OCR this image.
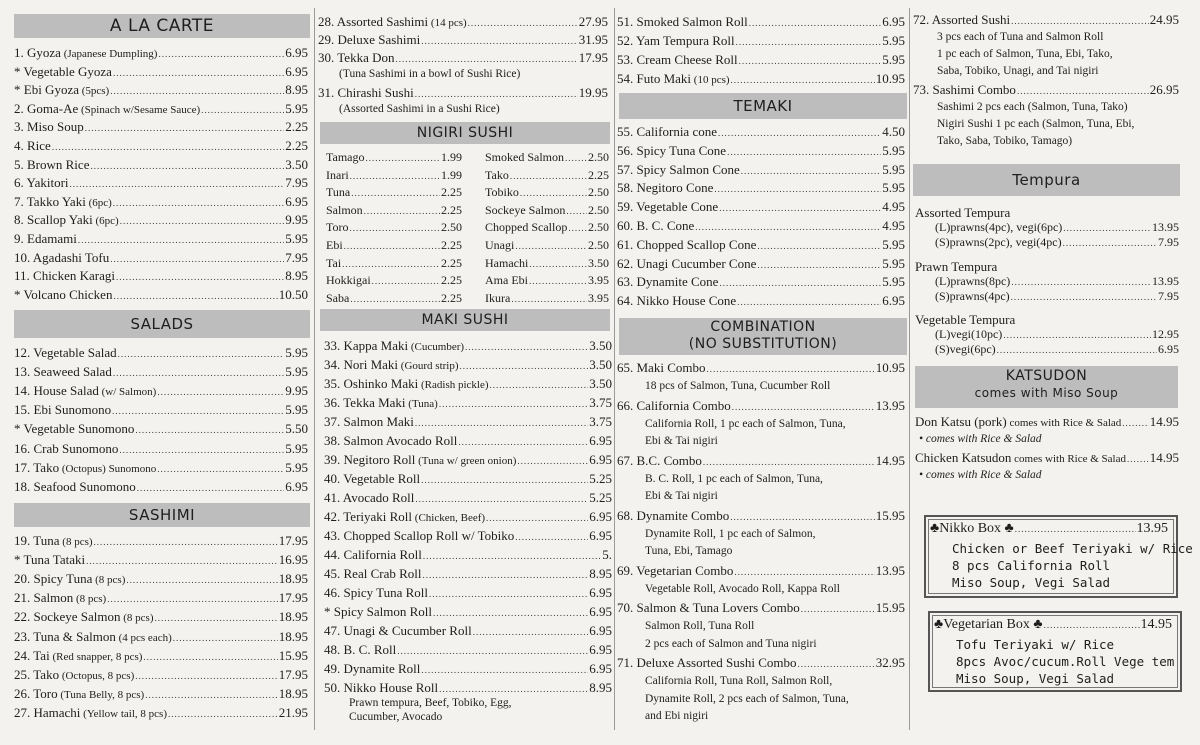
A LA CARTE
1. Gyoza (Japanese Dumpling) .....	6.95
* Vegetable Gyoza .....	6.95
* Ebi Gyoza (5pcs) .....	8.95
2. Goma-Ae (Spinach w/Sesame Sauce) .....	5.95
3. Miso Soup .....	2.25
4. Rice .....	2.25
5. Brown Rice .....	3.50
6. Yakitori .....	7.95
7. Takko Yaki (6pc) .....	6.95
8. Scallop Yaki (6pc) .....	9.95
9. Edamami .....	5.95
10. Agadashi Tofu .....	7.95
11. Chicken Karagi .....	8.95
* Volcano Chicken .....	10.50
SALADS
12. Vegetable Salad .....	5.95
13. Seaweed Salad .....	5.95
14. House Salad (w/ Salmon) .....	9.95
15. Ebi Sunomono .....	5.95
* Vegetable Sunomono .....	5.50
16. Crab Sunomono .....	5.95
17. Tako (Octopus) Sunomono .....	5.95
18. Seafood Sunomono .....	6.95
SASHIMI
19. Tuna (8 pcs) .....	17.95
* Tuna Tataki .....	16.95
20. Spicy Tuna (8 pcs) .....	18.95
21. Salmon (8 pcs) .....	17.95
22. Sockeye Salmon (8 pcs) .....	18.95
23. Tuna & Salmon (4 pcs each) .....	18.95
24. Tai (Red snapper, 8 pcs) .....	15.95
25. Tako (Octopus, 8 pcs) .....	17.95
26. Toro (Tuna Belly, 8 pcs) .....	18.95
27. Hamachi (Yellow tail, 8 pcs) .....	21.95
28. Assorted Sashimi (14 pcs) .....	27.95
29. Deluxe Sashimi .....	31.95
30. Tekka Don .....	17.95
(Tuna Sashimi in a bowl of Sushi Rice)
31. Chirashi Sushi .....	19.95
(Assorted Sashimi in a Sushi Rice)
NIGIRI SUSHI
Tamago .....	1.99
Inari .....	1.99
Tuna .....	2.25
Salmon .....	2.25
Toro .....	2.50
Ebi .....	2.25
Tai .....	2.25
Hokkigai .....	2.25
Saba .....	2.25
Smoked Salmon ..... 2.50
Tako .....	2.25
Tobiko .....	2.50
Sockeye Salmon ..... 2.50
Chopped Scallop ..... 2.50
Unagi .....	2.50
Hamachi .....	3.50
Ama Ebi .....	3.95
Ikura .....	3.95
MAKI SUSHI
33. Kappa Maki (Cucumber) .....	3.50
34. Nori Maki (Gourd strip) .....	3.50
35. Oshinko Maki (Radish pickle) .....	3.50
36. Tekka Maki (Tuna) .....	3.75
37. Salmon Maki .....	3.75
38. Salmon Avocado Roll .....	6.95
39. Negitoro Roll (Tuna w/ green onion) .....	6.95
40. Vegetable Roll .....	5.25
41. Avocado Roll .....	5.25
42. Teriyaki Roll (Chicken, Beef) .....	6.95
43. Chopped Scallop Roll w/ Tobiko .....	6.95
44. California Roll .....	5.
45. Real Crab Roll .....	8.95
46. Spicy Tuna Roll .....	6.95
* Spicy Salmon Roll .....	6.95
47. Unagi & Cucumber Roll .....	6.95
48. B. C. Roll .....	6.95
49. Dynamite Roll .....	6.95
50. Nikko House Roll .....	8.95
Prawn tempura, Beef, Tobiko, Egg,
Cucumber, Avocado
51. Smoked Salmon Roll .....	6.95
52. Yam Tempura Roll .....	5.95
53. Cream Cheese Roll .....	5.95
54. Futo Maki (10 pcs) .....	10.95
TEMAKI
55. California cone .....	4.50
56. Spicy Tuna Cone .....	5.95
57. Spicy Salmon Cone .....	5.95
58. Negitoro Cone .....	5.95
59. Vegetable Cone .....	4.95
60. B. C. Cone .....	4.95
61. Chopped Scallop Cone .....	5.95
62. Unagi Cucumber Cone .....	5.95
63. Dynamite Cone .....	5.95
64. Nikko House Cone .....	6.95
COMBINATION
(NO SUBSTITUTION)
65. Maki Combo .....	10.95
18 pcs of Salmon, Tuna, Cucumber Roll
66. California Combo .....	13.95
California Roll, 1 pc each of Salmon, Tuna,
Ebi & Tai nigiri
67. B.C. Combo .....	14.95
B. C. Roll, 1 pc each of Salmon, Tuna,
Ebi & Tai nigiri
68. Dynamite Combo .....	15.95
Dynamite Roll, 1 pc each of Salmon,
Tuna, Ebi, Tamago
69. Vegetarian Combo .....	13.95
Vegetable Roll, Avocado Roll, Kappa Roll
70. Salmon & Tuna Lovers Combo .....	15.95
Salmon Roll, Tuna Roll
2 pcs each of Salmon and Tuna nigiri
71. Deluxe Assorted Sushi Combo .....	32.95
California Roll, Tuna Roll, Salmon Roll,
Dynamite Roll, 2 pcs each of Salmon, Tuna,
and Ebi nigiri
72. Assorted Sushi .....	24.95
3 pcs each of Tuna and Salmon Roll
1 pc each of Salmon, Tuna, Ebi, Tako,
Saba, Tobiko, Unagi, and Tai nigiri
73. Sashimi Combo .....	26.95
Sashimi 2 pcs each (Salmon, Tuna, Tako)
Nigiri Sushi 1 pc each (Salmon, Tuna, Ebi,
Tako, Saba, Tobiko, Tamago)
Tempura
Assorted Tempura
(L)prawns(4pc), vegi(6pc) .....	13.95
(S)prawns(2pc), vegi(4pc) .....	7.95
Prawn Tempura
(L)prawns(8pc) .....	13.95
(S)prawns(4pc) .....	7.95
Vegetable Tempura
(L)vegi(10pc) .....	12.95
(S)vegi(6pc) .....	6.95
KATSUDON
comes with Miso Soup
Don Katsu (pork) comes with Rice & Salad ..... 14.95
• comes with Rice & Salad
Chicken Katsudon comes with Rice & Salad ..... 14.95
• comes with Rice & Salad
♣Nikko Box ♣ .....	13.95
Chicken or Beef Teriyaki w/ Rice
8 pcs California Roll
Miso Soup, Vegi Salad
♣Vegetarian Box ♣ .....	14.95
Tofu Teriyaki w/ Rice
8pcs Avoc/cucum.Roll Vege tem
Miso Soup, Vegi Salad
